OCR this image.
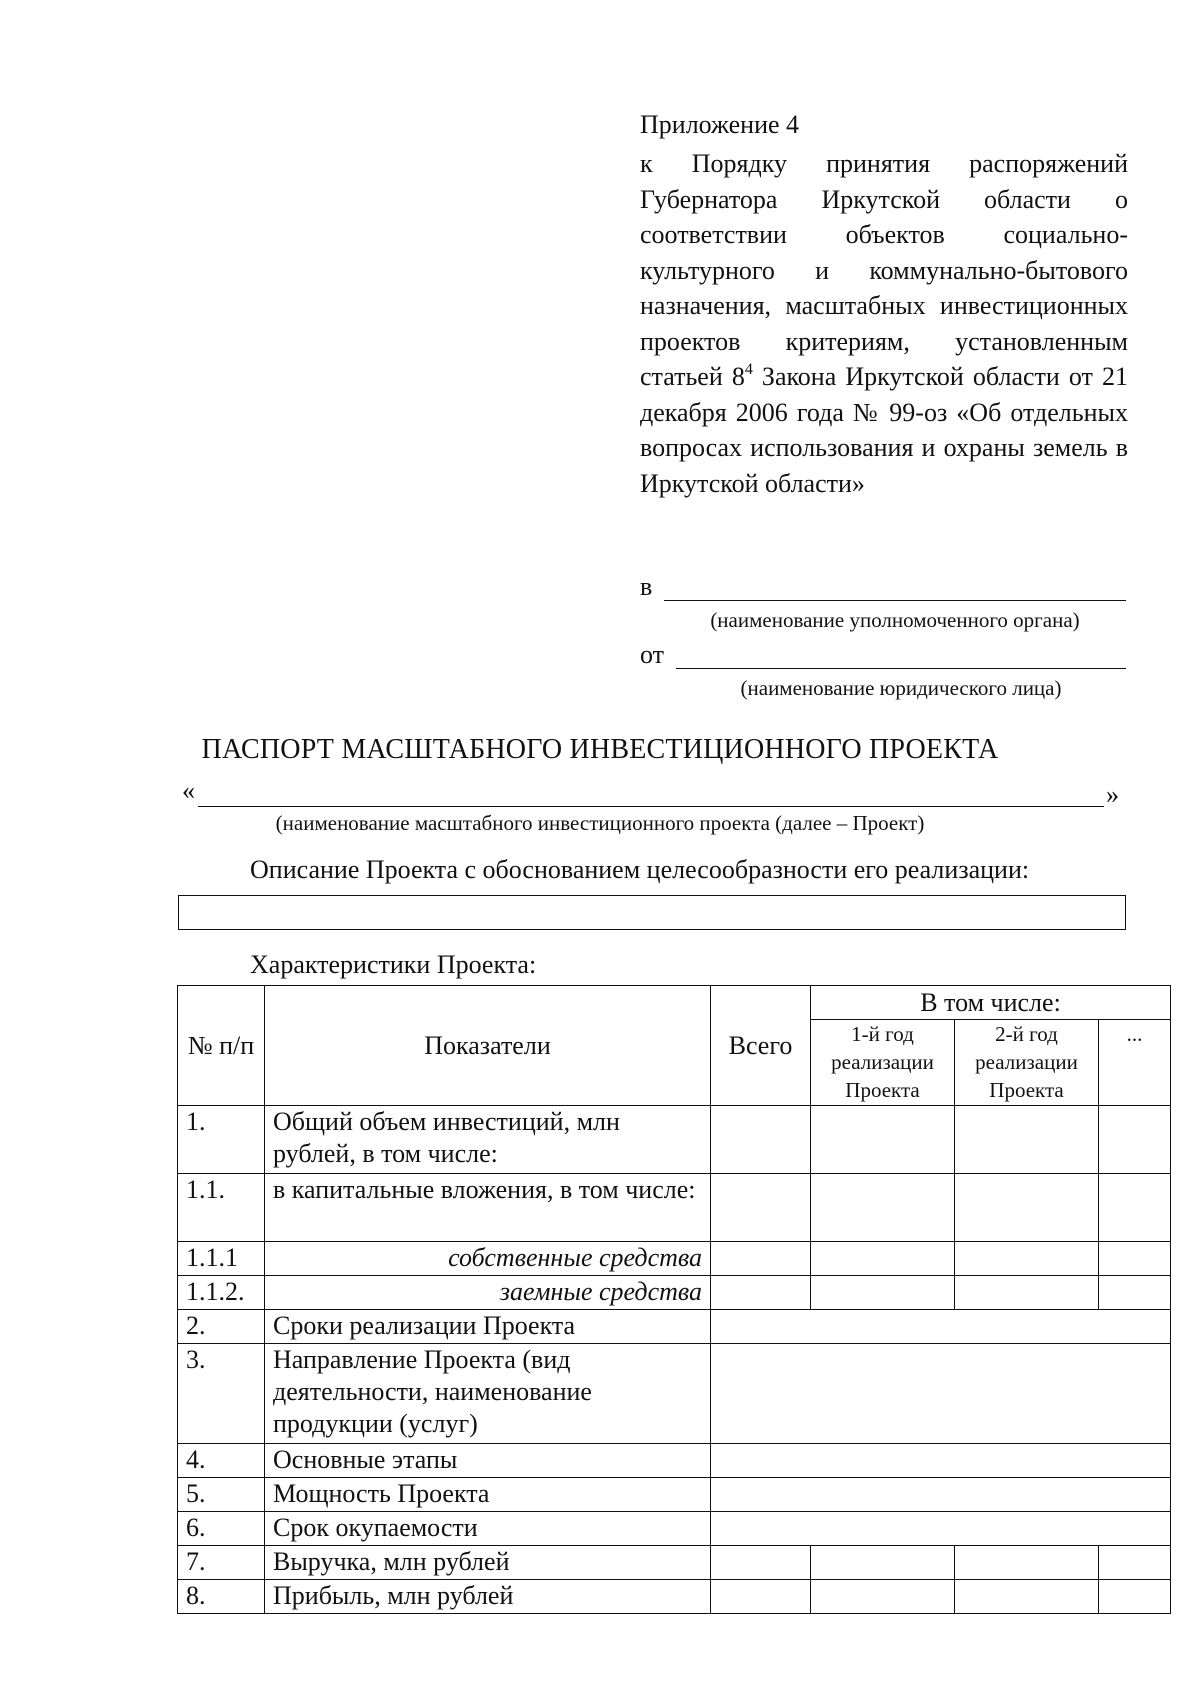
Приложение 4
к Порядку принятия распоряжений Губернатора Иркутской области о соответствии объектов социально-культурного и коммунально-бытового назначения, масштабных инвестиционных проектов критериям, установленным статьей $8^4$ Закона Иркутской области от 21 декабря 2006 года № 99-оз «Об отдельных вопросах использования и охраны земель в Иркутской области»
в
(наименование уполномоченного органа)
от
(наименование юридического лица)
ПАСПОРТ МАСШТАБНОГО ИНВЕСТИЦИОННОГО ПРОЕКТА
«	»
(наименование масштабного инвестиционного проекта (далее – Проект)
Описание Проекта с обоснованием целесообразности его реализации:
Характеристики Проекта:
№ п/п	Показатели	Всего	В том числе:		
			1-й год реализации Проекта	2-й год реализации Проекта	...
1.	Общий объем инвестиций, млн рублей, в том числе:				
1.1.	в капитальные вложения, в том числе:				
1.1.1	собственные средства				
1.1.2.	заемные средства				
2.	Сроки реализации Проекта				
3.	Направление Проекта (вид деятельности, наименование продукции (услуг)				
4.	Основные этапы				
5.	Мощность Проекта				
6.	Срок окупаемости				
7.	Выручка, млн рублей				
8.	Прибыль, млн рублей				
